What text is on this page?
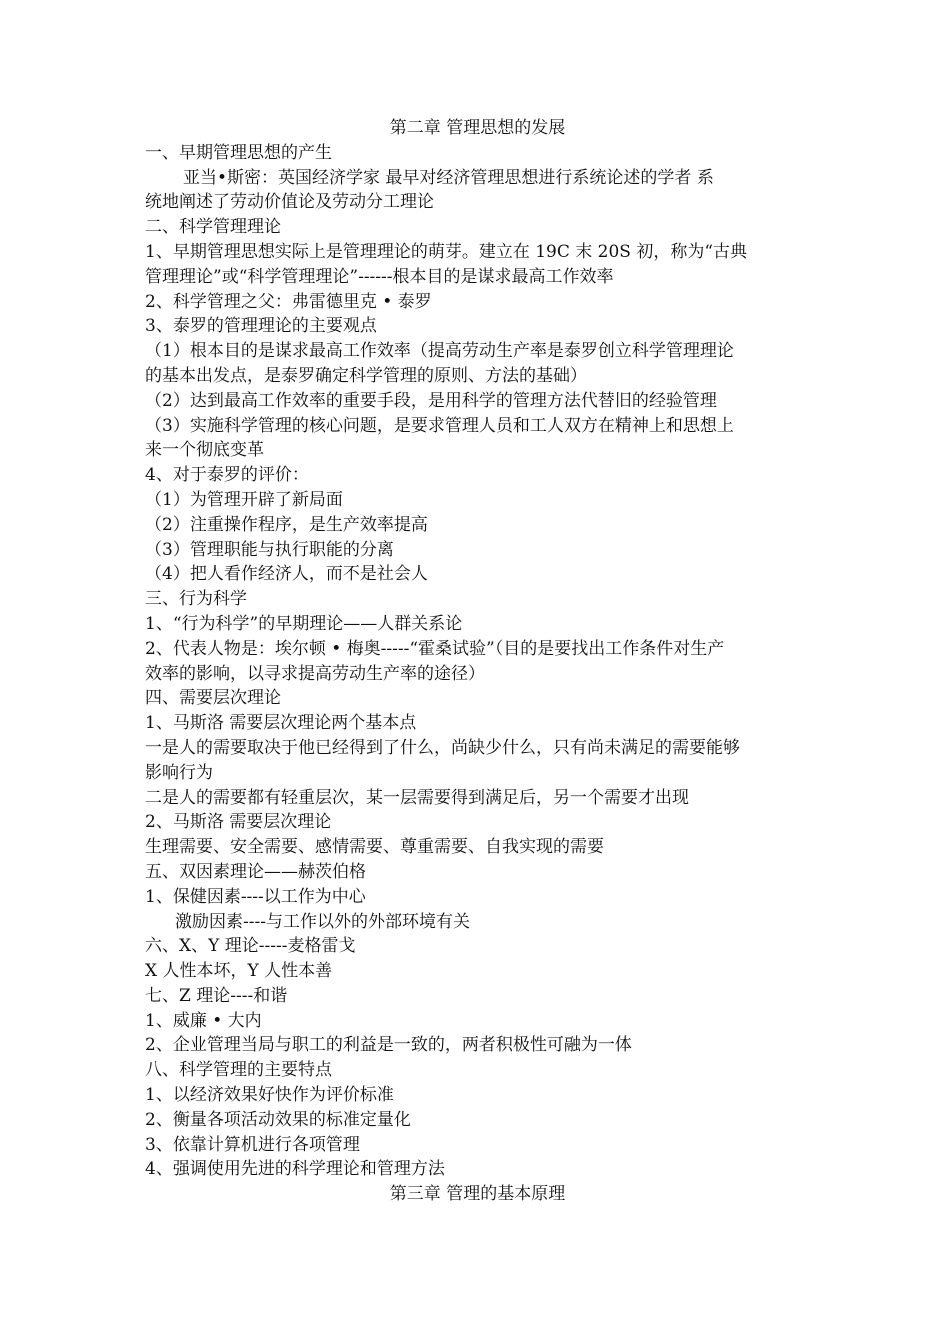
第二章 管理思想的发展
一、早期管理思想的产生
亚当•斯密：英国经济学家 最早对经济管理思想进行系统论述的学者 系
统地阐述了劳动价值论及劳动分工理论
二、科学管理理论
1、早期管理思想实际上是管理理论的萌芽。建立在 19C 末 20S 初，称为“古典
管理理论”或“科学管理理论”------根本目的是谋求最高工作效率
2、科学管理之父：弗雷德里克 • 泰罗
3、泰罗的管理理论的主要观点
（1）根本目的是谋求最高工作效率（提高劳动生产率是泰罗创立科学管理理论
的基本出发点，是泰罗确定科学管理的原则、方法的基础）
（2）达到最高工作效率的重要手段，是用科学的管理方法代替旧的经验管理
（3）实施科学管理的核心问题，是要求管理人员和工人双方在精神上和思想上
来一个彻底变革
4、对于泰罗的评价：
（1）为管理开辟了新局面
（2）注重操作程序，是生产效率提高
（3）管理职能与执行职能的分离
（4）把人看作经济人，而不是社会人
三、行为科学
1、“行为科学”的早期理论——人群关系论
2、代表人物是：埃尔顿 • 梅奥-----“霍桑试验”（目的是要找出工作条件对生产
效率的影响，以寻求提高劳动生产率的途径）
四、需要层次理论
1、马斯洛 需要层次理论两个基本点
一是人的需要取决于他已经得到了什么，尚缺少什么，只有尚未满足的需要能够
影响行为
二是人的需要都有轻重层次，某一层需要得到满足后，另一个需要才出现
2、马斯洛 需要层次理论
生理需要、安全需要、感情需要、尊重需要、自我实现的需要
五、双因素理论——赫茨伯格
1、保健因素----以工作为中心
激励因素----与工作以外的外部环境有关
六、X、Y 理论-----麦格雷戈
X 人性本坏，Y 人性本善
七、Z 理论----和谐
1、威廉 • 大内
2、企业管理当局与职工的利益是一致的，两者积极性可融为一体
八、科学管理的主要特点
1、以经济效果好快作为评价标准
2、衡量各项活动效果的标准定量化
3、依靠计算机进行各项管理
4、强调使用先进的科学理论和管理方法
第三章 管理的基本原理
